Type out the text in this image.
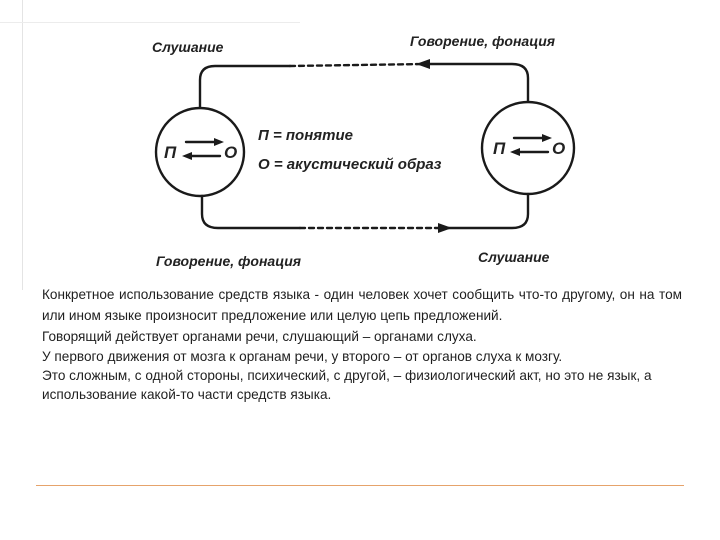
Слушание	Говорение, фонация
Говорение, фонация	Слушание
П = понятие
О = акустический образ
П	О	П	О

Конкретное использование средств языка - один человек хочет сообщить что-то другому, он на том или ином языке произносит предложение или целую цепь предложений.

Говорящий действует органами речи, слушающий – органами слуха.

У первого движения от мозга к органам речи, у второго – от органов слуха к мозгу.

Это сложным, с одной стороны, психический, с другой, – физиологический акт, но это не язык, а использование какой-то части средств языка.
